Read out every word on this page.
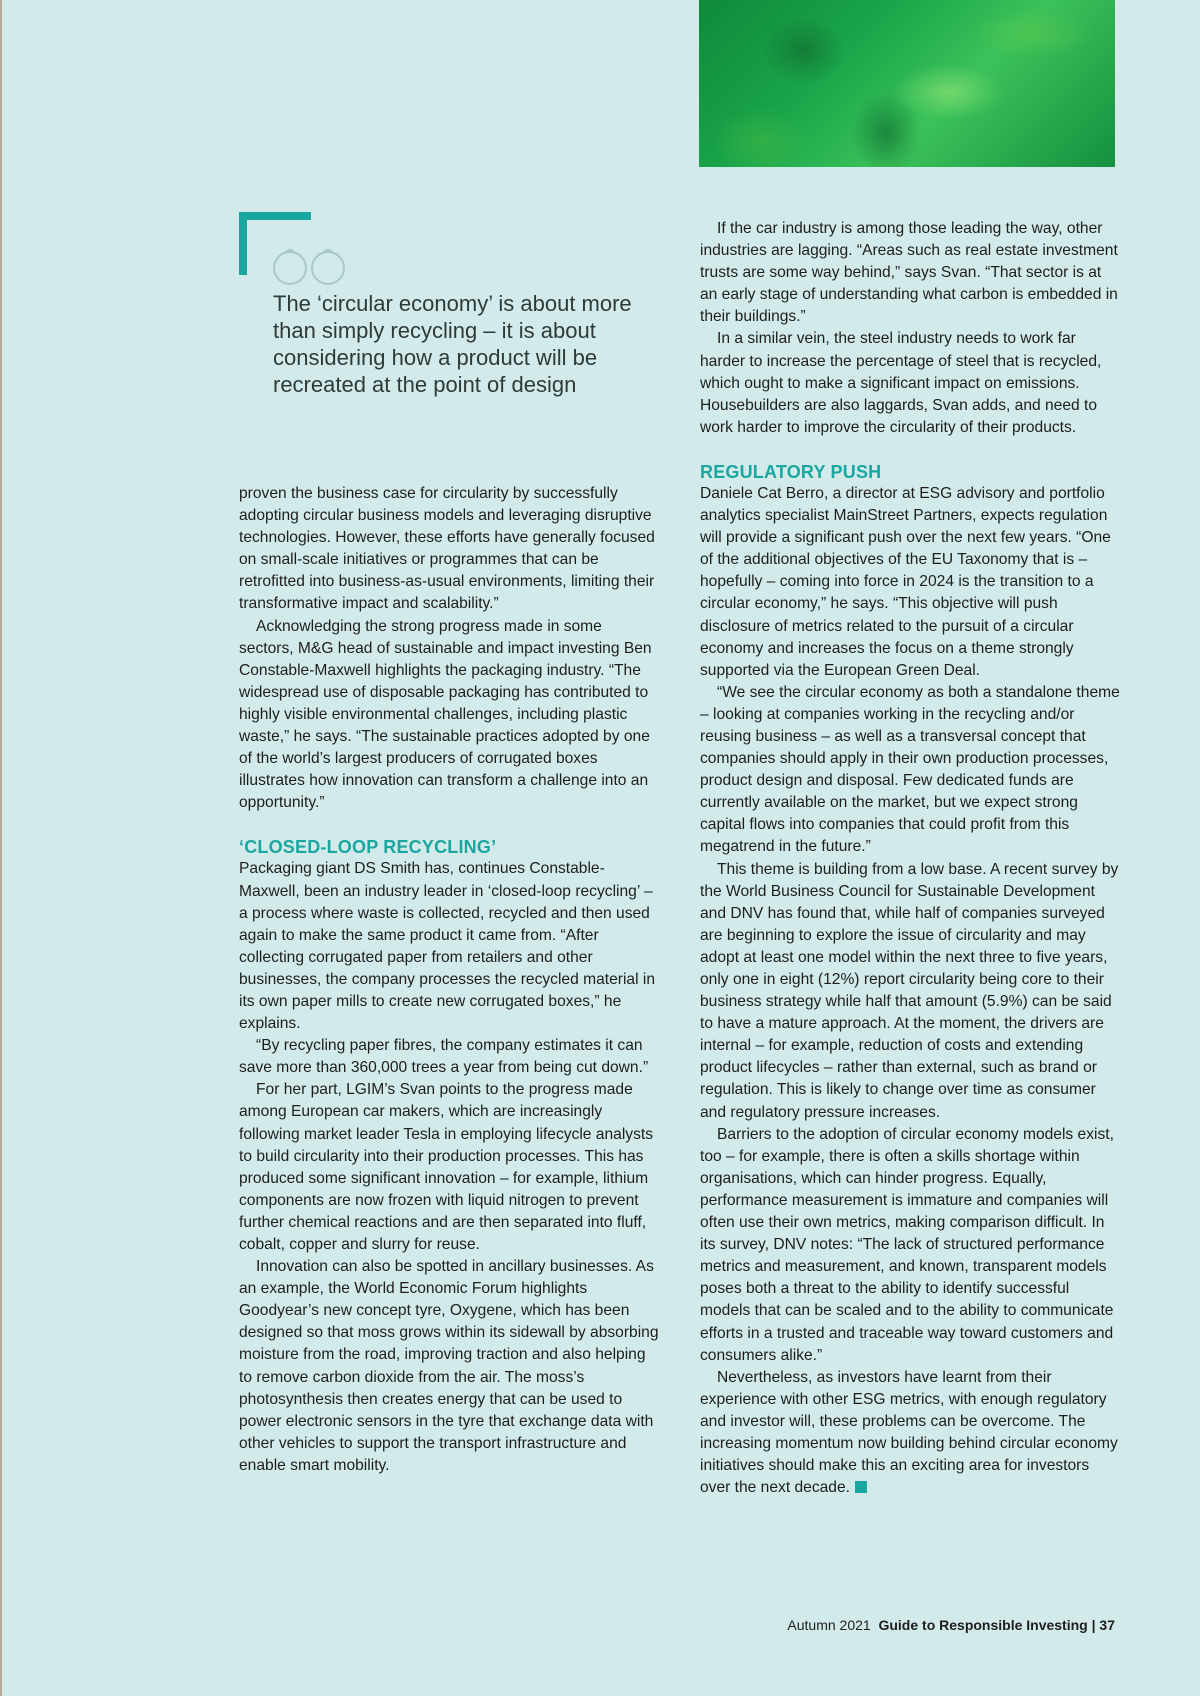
The ‘circular economy’ is about more than simply recycling – it is about considering how a product will be recreated at the point of design

proven the business case for circularity by successfully adopting circular business models and leveraging disruptive technologies. However, these efforts have generally focused on small-scale initiatives or programmes that can be retrofitted into business-as-usual environments, limiting their transformative impact and scalability.”

Acknowledging the strong progress made in some sectors, M&G head of sustainable and impact investing Ben Constable-Maxwell highlights the packaging industry. “The widespread use of disposable packaging has contributed to highly visible environmental challenges, including plastic waste,” he says. “The sustainable practices adopted by one of the world’s largest producers of corrugated boxes illustrates how innovation can transform a challenge into an opportunity.”

‘CLOSED-LOOP RECYCLING’

Packaging giant DS Smith has, continues Constable-Maxwell, been an industry leader in ‘closed-loop recycling’ – a process where waste is collected, recycled and then used again to make the same product it came from. “After collecting corrugated paper from retailers and other businesses, the company processes the recycled material in its own paper mills to create new corrugated boxes,” he explains.

“By recycling paper fibres, the company estimates it can save more than 360,000 trees a year from being cut down.”

For her part, LGIM’s Svan points to the progress made among European car makers, which are increasingly following market leader Tesla in employing lifecycle analysts to build circularity into their production processes. This has produced some significant innovation – for example, lithium components are now frozen with liquid nitrogen to prevent further chemical reactions and are then separated into fluff, cobalt, copper and slurry for reuse.

Innovation can also be spotted in ancillary businesses. As an example, the World Economic Forum highlights Goodyear’s new concept tyre, Oxygene, which has been designed so that moss grows within its sidewall by absorbing moisture from the road, improving traction and also helping to remove carbon dioxide from the air. The moss’s photosynthesis then creates energy that can be used to power electronic sensors in the tyre that exchange data with other vehicles to support the transport infrastructure and enable smart mobility.

If the car industry is among those leading the way, other industries are lagging. “Areas such as real estate investment trusts are some way behind,” says Svan. “That sector is at an early stage of understanding what carbon is embedded in their buildings.”

In a similar vein, the steel industry needs to work far harder to increase the percentage of steel that is recycled, which ought to make a significant impact on emissions. Housebuilders are also laggards, Svan adds, and need to work harder to improve the circularity of their products.

REGULATORY PUSH

Daniele Cat Berro, a director at ESG advisory and portfolio analytics specialist MainStreet Partners, expects regulation will provide a significant push over the next few years. “One of the additional objectives of the EU Taxonomy that is – hopefully – coming into force in 2024 is the transition to a circular economy,” he says. “This objective will push disclosure of metrics related to the pursuit of a circular economy and increases the focus on a theme strongly supported via the European Green Deal.

“We see the circular economy as both a standalone theme – looking at companies working in the recycling and/or reusing business – as well as a transversal concept that companies should apply in their own production processes, product design and disposal. Few dedicated funds are currently available on the market, but we expect strong capital flows into companies that could profit from this megatrend in the future.”

This theme is building from a low base. A recent survey by the World Business Council for Sustainable Development and DNV has found that, while half of companies surveyed are beginning to explore the issue of circularity and may adopt at least one model within the next three to five years, only one in eight (12%) report circularity being core to their business strategy while half that amount (5.9%) can be said to have a mature approach. At the moment, the drivers are internal – for example, reduction of costs and extending product lifecycles – rather than external, such as brand or regulation. This is likely to change over time as consumer and regulatory pressure increases.

Barriers to the adoption of circular economy models exist, too – for example, there is often a skills shortage within organisations, which can hinder progress. Equally, performance measurement is immature and companies will often use their own metrics, making comparison difficult. In its survey, DNV notes: “The lack of structured performance metrics and measurement, and known, transparent models poses both a threat to the ability to identify successful models that can be scaled and to the ability to communicate efforts in a trusted and traceable way toward customers and consumers alike.”

Nevertheless, as investors have learnt from their experience with other ESG metrics, with enough regulatory and investor will, these problems can be overcome. The increasing momentum now building behind circular economy initiatives should make this an exciting area for investors over the next decade.

Autumn 2021 Guide to Responsible Investing | 37
